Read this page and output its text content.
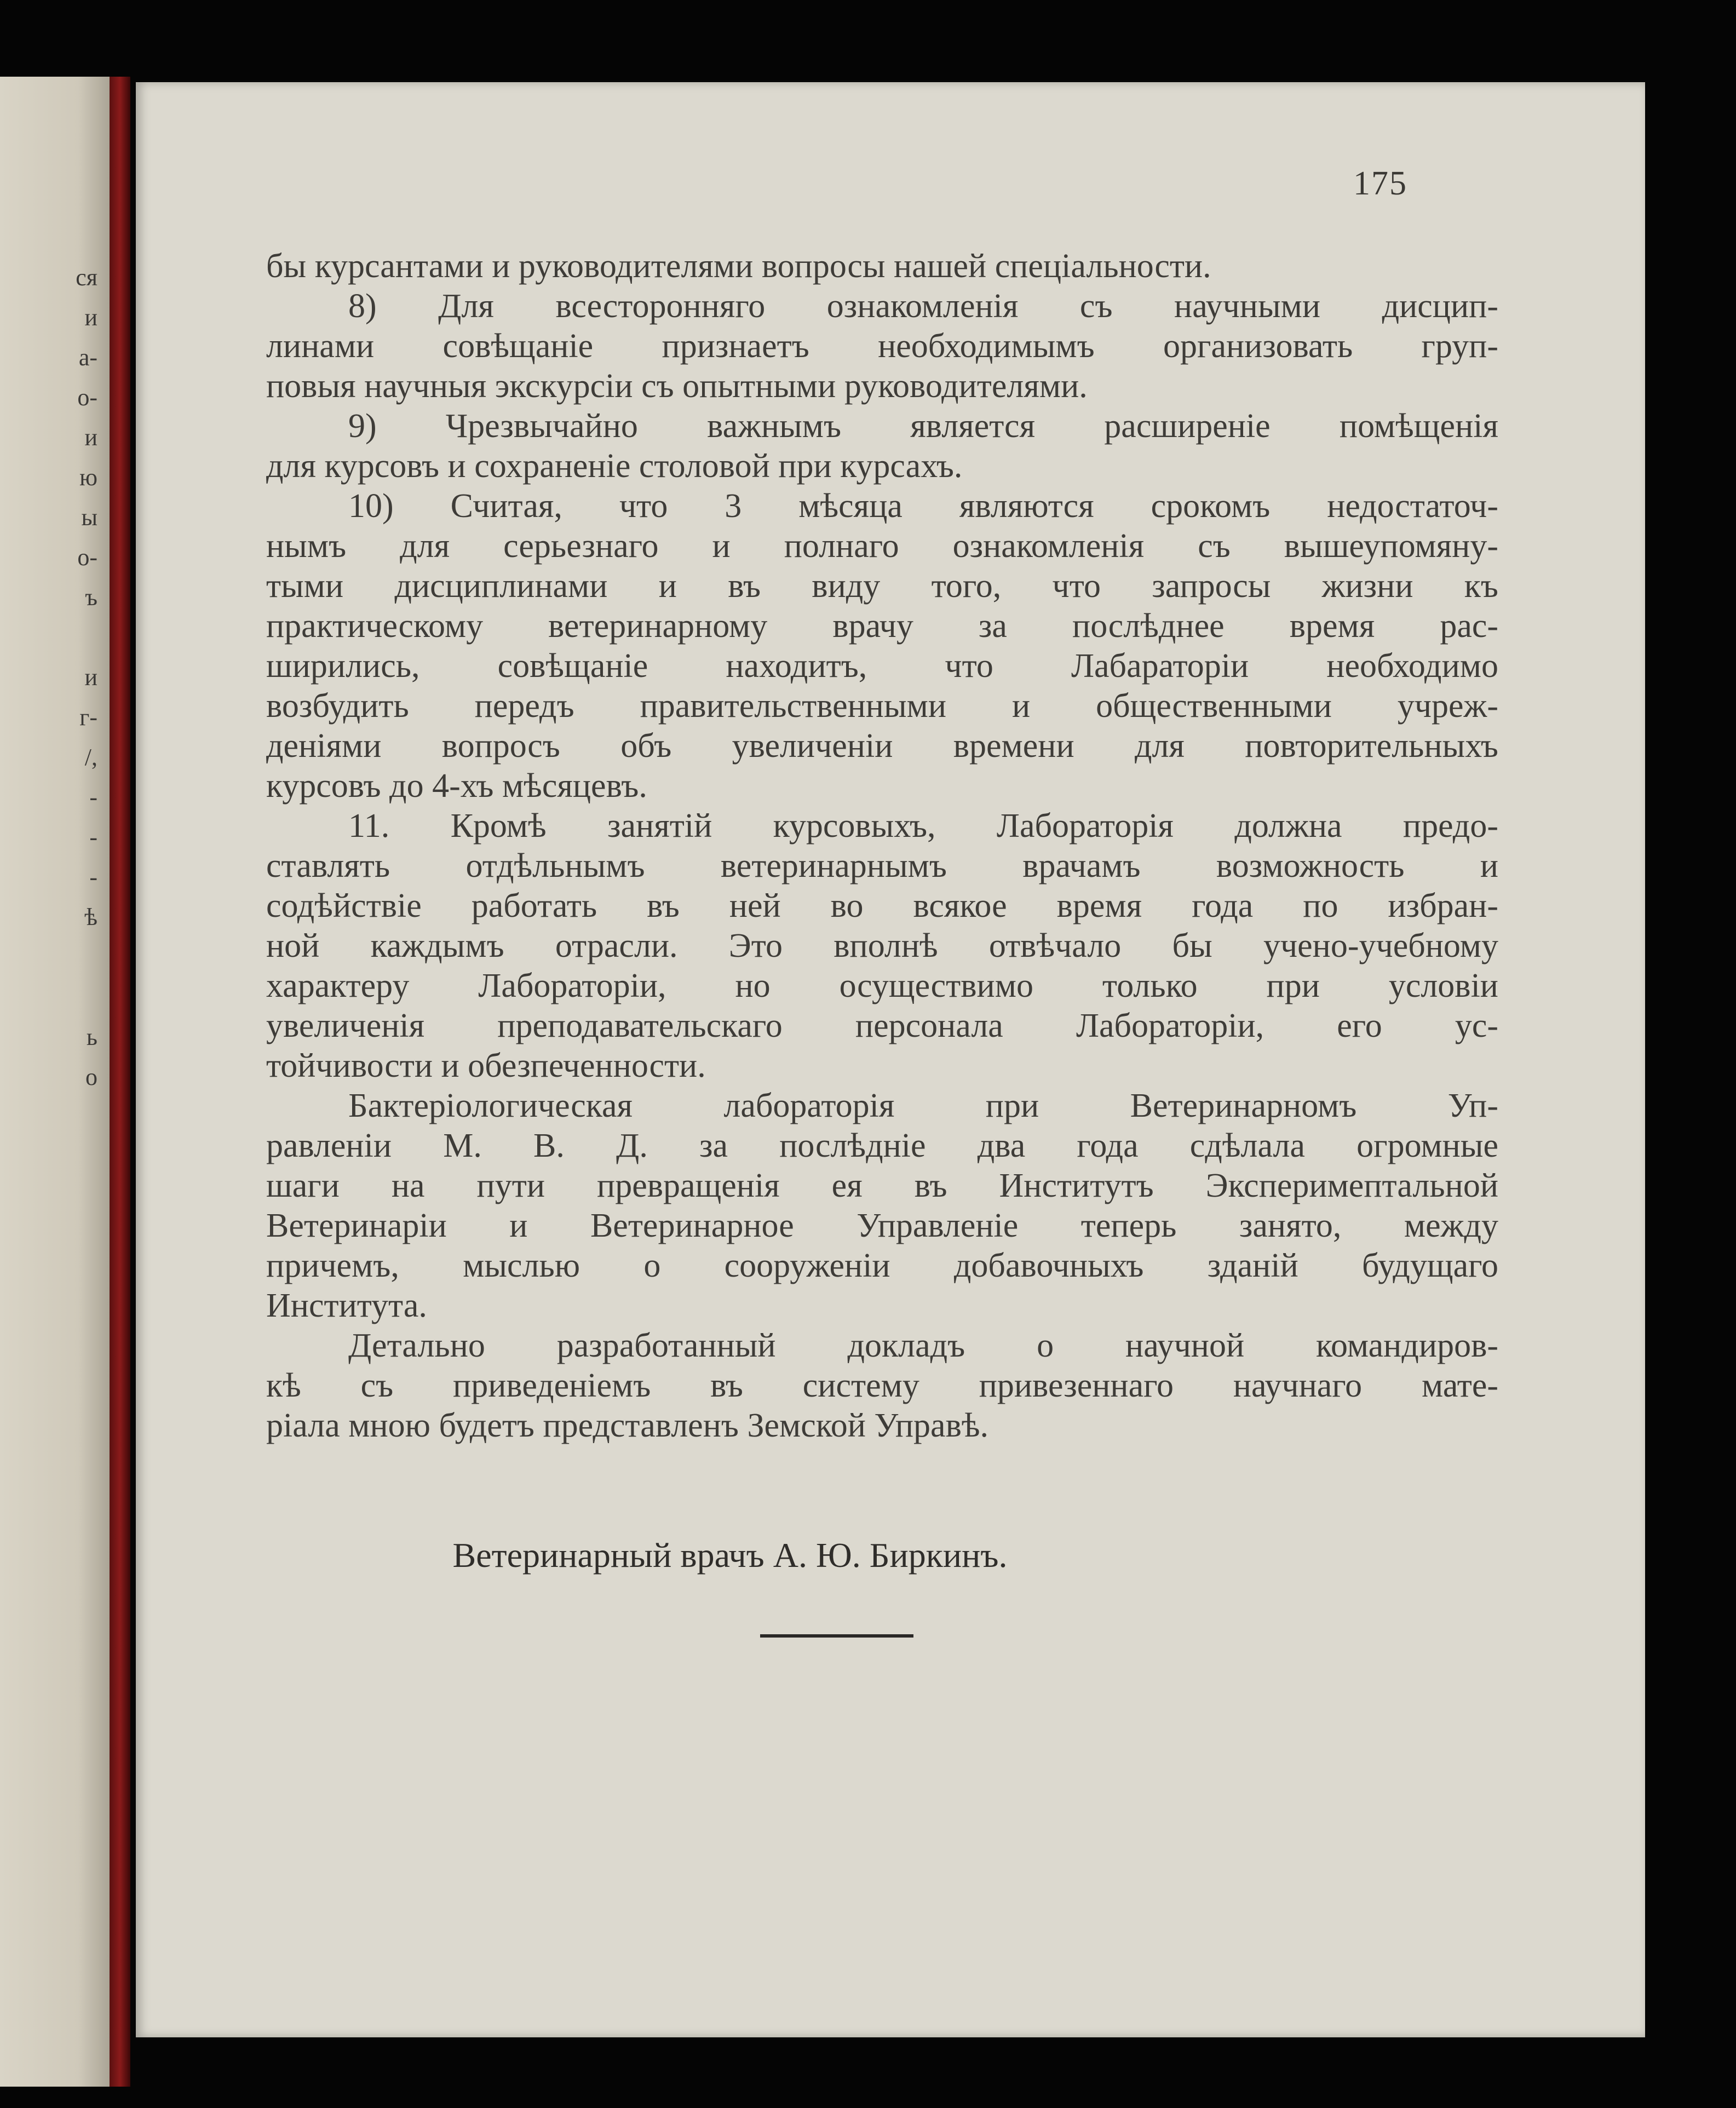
ся
и
а-
о-
и
ю
ы
о-
ъ
и
г-
/,
-
-
-
ѣ
ь
о
175
бы курсантами и руководителями вопросы нашей спеціальности.
8) Для всесторонняго ознакомленія съ научными дисцип-
линами совѣщаніе признаетъ необходимымъ организовать груп-
повыя научныя экскурсіи съ опытными руководителями.
9) Чрезвычайно важнымъ является расширеніе помѣщенія
для курсовъ и сохраненіе столовой при курсахъ.
10) Считая, что 3 мѣсяца являются срокомъ недостаточ-
нымъ для серьезнаго и полнаго ознакомленія съ вышеупомяну-
тыми дисциплинами и въ виду того, что запросы жизни къ
практическому ветеринарному врачу за послѣднее время рас-
ширились, совѣщаніе находитъ, что Лабараторіи необходимо
возбудить передъ правительственными и общественными учреж-
деніями вопросъ объ увеличеніи времени для повторительныхъ
курсовъ до 4-хъ мѣсяцевъ.
11. Кромѣ занятій курсовыхъ, Лабораторія должна предо-
ставлять отдѣльнымъ ветеринарнымъ врачамъ возможность и
содѣйствіе работать въ ней во всякое время года по избран-
ной каждымъ отрасли. Это вполнѣ отвѣчало бы учено-учебному
характеру Лабораторіи, но осуществимо только при условіи
увеличенія преподавательскаго персонала Лабораторіи, его ус-
тойчивости и обезпеченности.
Бактеріологическая лабораторія при Ветеринарномъ Уп-
равленіи М. В. Д. за послѣдніе два года сдѣлала огромные
шаги на пути превращенія ея въ Институтъ Эксперимептальной
Ветеринаріи и Ветеринарное Управленіе теперь занято, между
причемъ, мыслью о сооруженіи добавочныхъ зданій будущаго
Института.
Детально разработанный докладъ о научной командиров-
кѣ съ приведеніемъ въ систему привезеннаго научнаго мате-
ріала мною будетъ представленъ Земской Управѣ.
Ветеринарный врачъ А. Ю. Биркинъ.
